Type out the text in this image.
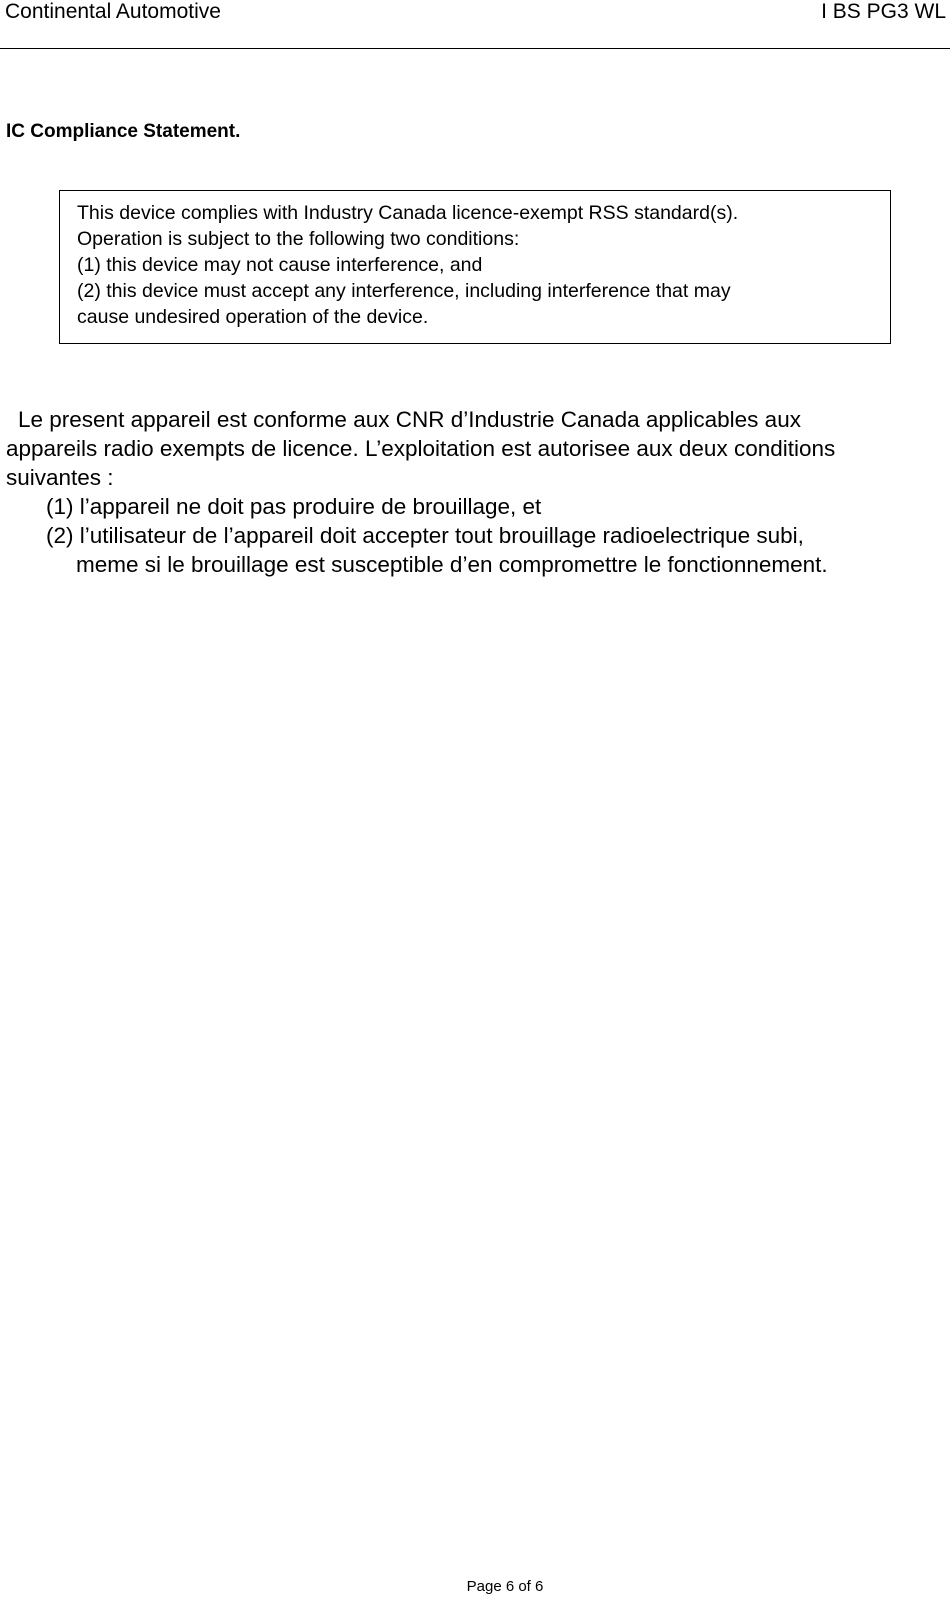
Continental Automotive	I BS PG3 WL
IC Compliance Statement.
This device complies with Industry Canada licence-exempt RSS standard(s).
Operation is subject to the following two conditions:
(1) this device may not cause interference, and
(2) this device must accept any interference, including interference that may
cause undesired operation of the device.
Le present appareil est conforme aux CNR d’Industrie Canada applicables aux
appareils radio exempts de licence. L’exploitation est autorisee aux deux conditions
suivantes :
(1) l’appareil ne doit pas produire de brouillage, et
(2) l’utilisateur de l’appareil doit accepter tout brouillage radioelectrique subi,
meme si le brouillage est susceptible d’en compromettre le fonctionnement.
Page 6 of 6
